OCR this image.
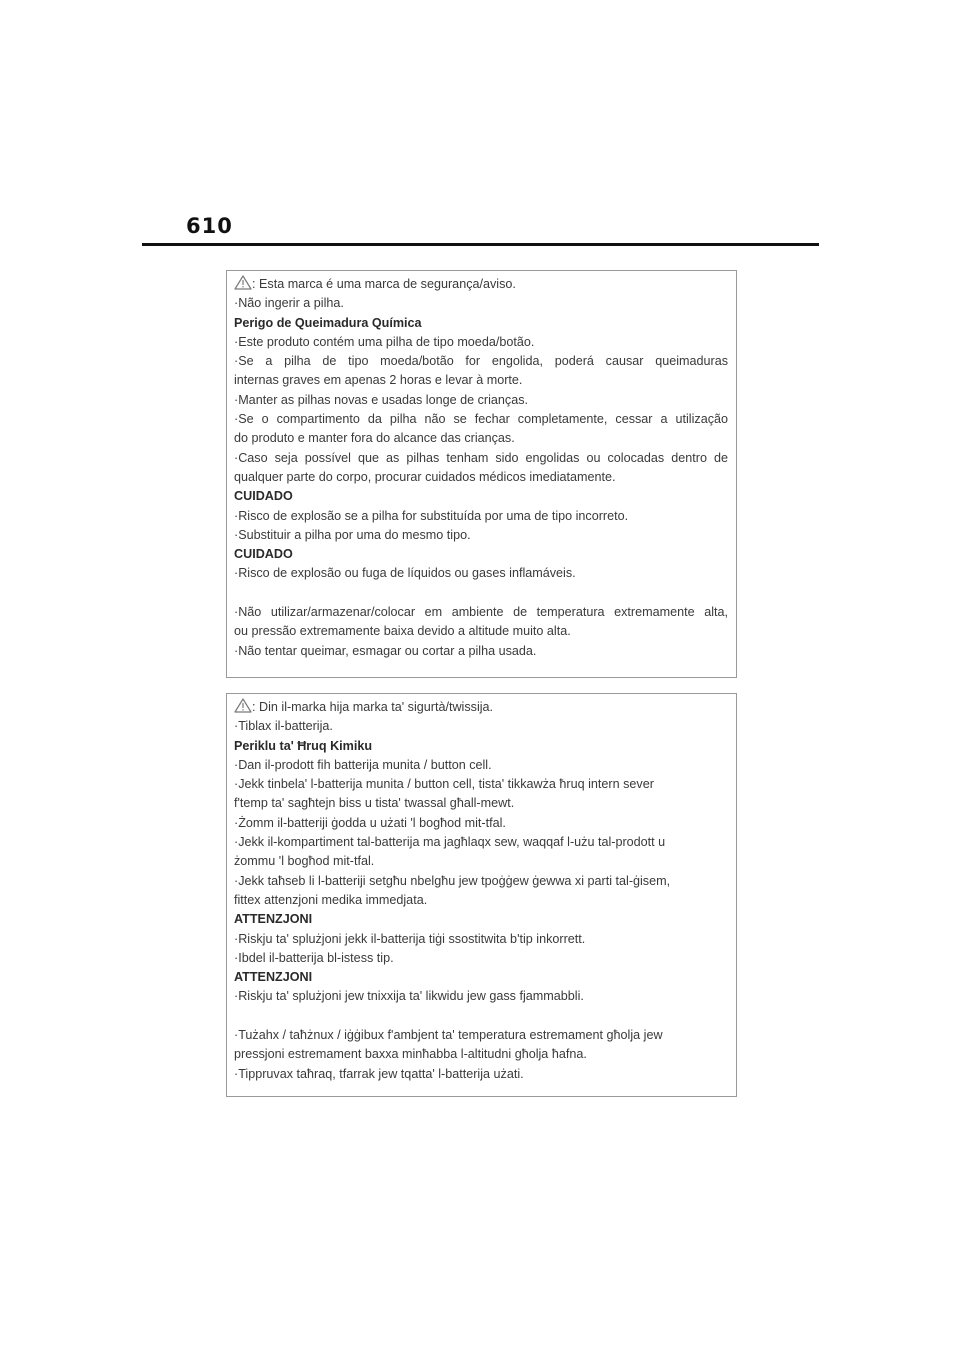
610
: Esta marca é uma marca de segurança/aviso.
·Não ingerir a pilha.
Perigo de Queimadura Química
·Este produto contém uma pilha de tipo moeda/botão.
·Se a pilha de tipo moeda/botão for engolida, poderá causar queimaduras
internas graves em apenas 2 horas e levar à morte.
·Manter as pilhas novas e usadas longe de crianças.
·Se o compartimento da pilha não se fechar completamente, cessar a utilização
do produto e manter fora do alcance das crianças.
·Caso seja possível que as pilhas tenham sido engolidas ou colocadas dentro de
qualquer parte do corpo, procurar cuidados médicos imediatamente.
CUIDADO
·Risco de explosão se a pilha for substituída por uma de tipo incorreto.
·Substituir a pilha por uma do mesmo tipo.
CUIDADO
·Risco de explosão ou fuga de líquidos ou gases inflamáveis.
·Não utilizar/armazenar/colocar em ambiente de temperatura extremamente alta,
ou pressão extremamente baixa devido a altitude muito alta.
·Não tentar queimar, esmagar ou cortar a pilha usada.
: Din il-marka hija marka ta' sigurtà/twissija.
·Tiblax il-batterija.
Periklu ta' Ħruq Kimiku
·Dan il-prodott fih batterija munita / button cell.
·Jekk tinbela' l-batterija munita / button cell, tista' tikkawża ħruq intern sever
f'temp ta' sagħtejn biss u tista' twassal għall-mewt.
·Żomm il-batteriji ġodda u użati 'l bogħod mit-tfal.
·Jekk il-kompartiment tal-batterija ma jagħlaqx sew, waqqaf l-użu tal-prodott u
żommu 'l bogħod mit-tfal.
·Jekk taħseb li l-batteriji setgħu nbelgħu jew tpoġġew ġewwa xi parti tal-ġisem,
fittex attenzjoni medika immedjata.
ATTENZJONI
·Riskju ta' splużjoni jekk il-batterija tiġi ssostitwita b'tip inkorrett.
·Ibdel il-batterija bl-istess tip.
ATTENZJONI
·Riskju ta' splużjoni jew tnixxija ta' likwidu jew gass fjammabbli.
·Tużahx / taħżnux / iġġibux f'ambjent ta' temperatura estremament għolja jew
pressjoni estremament baxxa minħabba l-altitudni għolja ħafna.
·Tippruvax taħraq, tfarrak jew tqatta' l-batterija użati.
